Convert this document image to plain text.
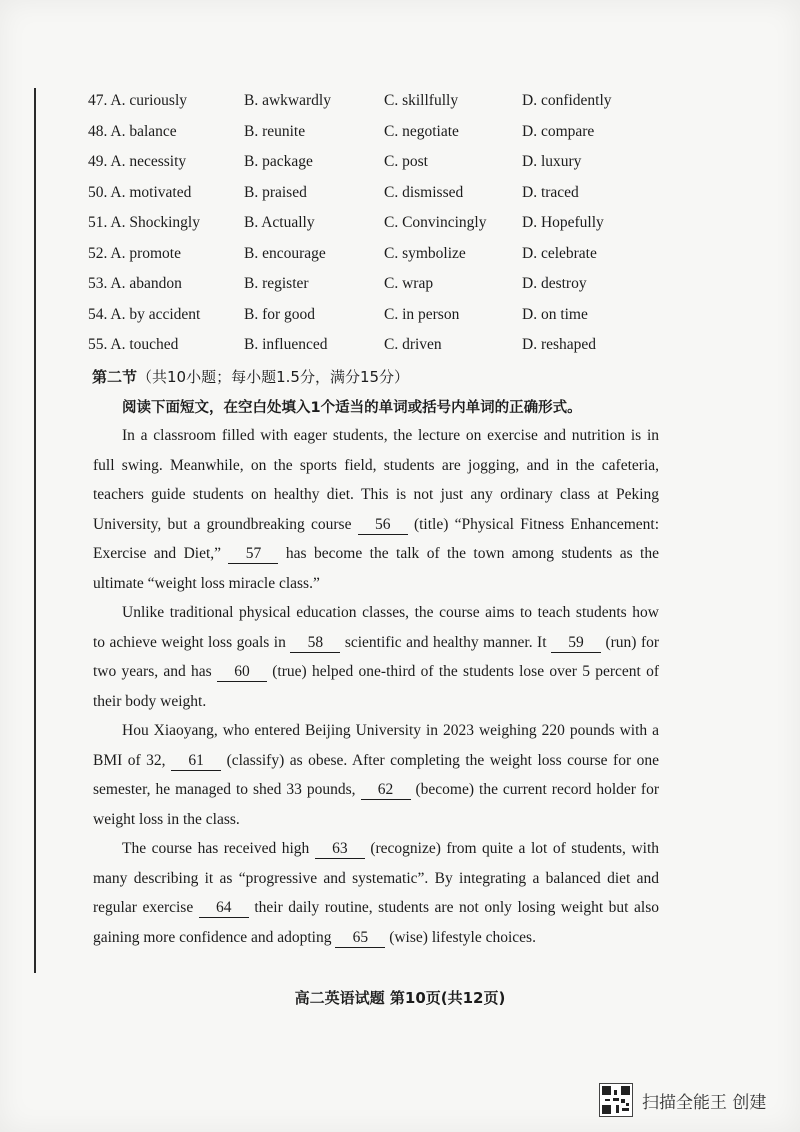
47. A. curiously	B. awkwardly	C. skillfully	D. confidently
48. A. balance	B. reunite	C. negotiate	D. compare
49. A. necessity	B. package	C. post	D. luxury
50. A. motivated	B. praised	C. dismissed	D. traced
51. A. Shockingly	B. Actually	C. Convincingly D. Hopefully
52. A. promote	B. encourage	C. symbolize	D. celebrate
53. A. abandon	B. register	C. wrap	D. destroy
54. A. by accident	B. for good	C. in person	D. on time
55. A. touched	B. influenced	C. driven	D. reshaped
第二节（共10小题；每小题1.5分，满分15分）
阅读下面短文，在空白处填入1个适当的单词或括号内单词的正确形式。
In a classroom filled with eager students, the lecture on exercise and nutrition is in
full swing. Meanwhile, on the sports field, students are jogging, and in the cafeteria,
teachers guide students on healthy diet. This is not just any ordinary class at Peking
University, but a groundbreaking course 56 (title) “Physical Fitness Enhancement:
Exercise and Diet,” 57 has become the talk of the town among students as the
ultimate “weight loss miracle class.”
Unlike traditional physical education classes, the course aims to teach students how
to achieve weight loss goals in 58 scientific and healthy manner. It 59 (run) for
two years, and has 60 (true) helped one-third of the students lose over 5 percent of
their body weight.
Hou Xiaoyang, who entered Beijing University in 2023 weighing 220 pounds with a
BMI of 32, 61 (classify) as obese. After completing the weight loss course for one
semester, he managed to shed 33 pounds, 62 (become) the current record holder for
weight loss in the class.
The course has received high 63 (recognize) from quite a lot of students, with
many describing it as “progressive and systematic”. By integrating a balanced diet and
regular exercise 64 their daily routine, students are not only losing weight but also
gaining more confidence and adopting 65 (wise) lifestyle choices.
高二英语试题 第10页(共12页)
扫描全能王 创建
